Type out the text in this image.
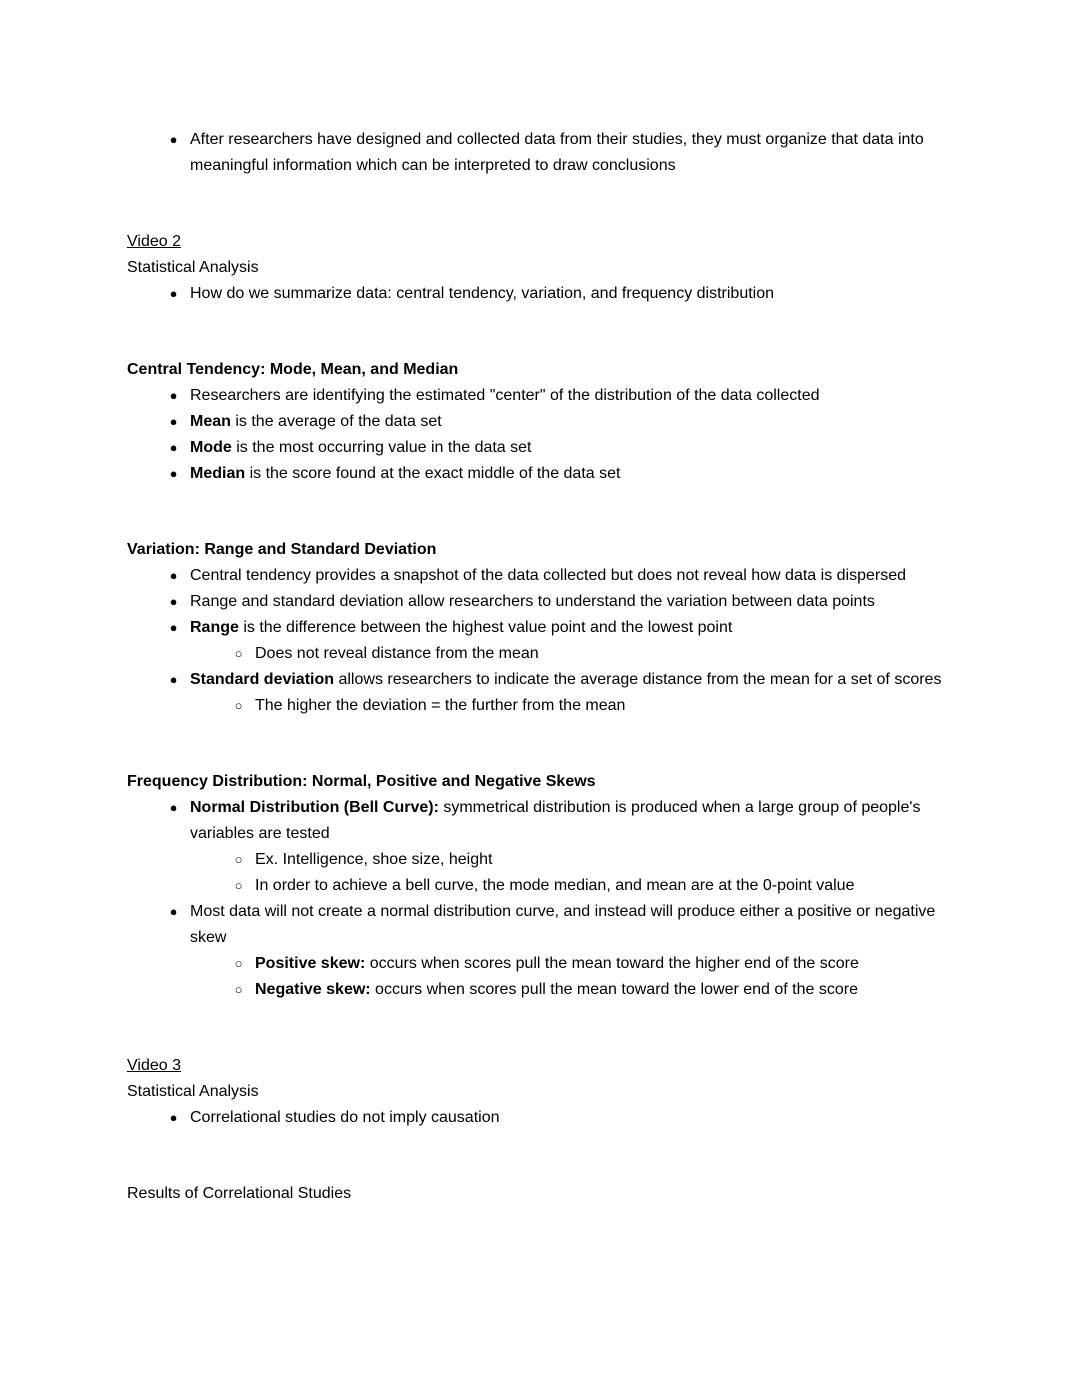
● After researchers have designed and collected data from their studies, they must organize that data into meaningful information which can be interpreted to draw conclusions
Video 2
Statistical Analysis
● How do we summarize data: central tendency, variation, and frequency distribution
Central Tendency: Mode, Mean, and Median
● Researchers are identifying the estimated "center" of the distribution of the data collected
● Mean is the average of the data set
● Mode is the most occurring value in the data set
● Median is the score found at the exact middle of the data set
Variation: Range and Standard Deviation
● Central tendency provides a snapshot of the data collected but does not reveal how data is dispersed
● Range and standard deviation allow researchers to understand the variation between data points
● Range is the difference between the highest value point and the lowest point
○ Does not reveal distance from the mean
● Standard deviation allows researchers to indicate the average distance from the mean for a set of scores
○ The higher the deviation = the further from the mean
Frequency Distribution: Normal, Positive and Negative Skews
● Normal Distribution (Bell Curve): symmetrical distribution is produced when a large group of people's variables are tested
○ Ex. Intelligence, shoe size, height
○ In order to achieve a bell curve, the mode median, and mean are at the 0-point value
● Most data will not create a normal distribution curve, and instead will produce either a positive or negative skew
○ Positive skew: occurs when scores pull the mean toward the higher end of the score
○ Negative skew: occurs when scores pull the mean toward the lower end of the score
Video 3
Statistical Analysis
● Correlational studies do not imply causation
Results of Correlational Studies
